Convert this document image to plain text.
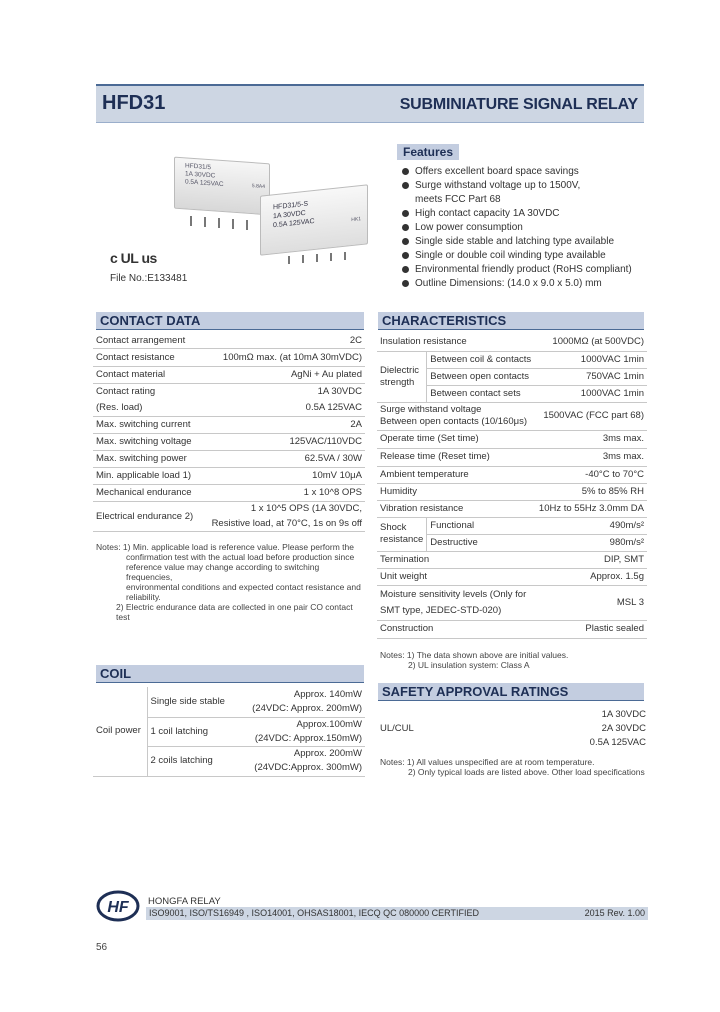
HFD31	SUBMINIATURE SIGNAL RELAY
HFD31/5
1A 30VDC
0.5A 125VAC	5.8A4
HFD31/5-S
1A 30VDC
0.5A 125VAC	HK1
c UL us
File No.:E133481
Features
Offers excellent board space savings
Surge withstand voltage up to 1500V,
meets FCC Part 68
High contact capacity 1A 30VDC
Low power consumption
Single side stable and latching type available
Single or double coil winding type available
Environmental friendly product (RoHS compliant)
Outline Dimensions: (14.0 x 9.0 x 5.0) mm
CONTACT DATA
Contact arrangement	2C
Contact resistance	100mΩ max. (at 10mA 30mVDC)
Contact material	AgNi + Au plated
Contact rating	1A 30VDC
(Res. load)	0.5A 125VAC
Max. switching current	2A
Max. switching voltage	125VAC/110VDC
Max. switching power	62.5VA / 30W
Min. applicable load 1)	10mV 10μA
Mechanical endurance	1 x 10^8 OPS
Electrical endurance 2)	1 x 10^5 OPS (1A 30VDC,
	Resistive load, at 70°C, 1s on 9s off
Notes: 1) Min. applicable load is reference value. Please perform the
confirmation test with the actual load before production since
reference value may change according to switching frequencies,
environmental conditions and expected contact resistance and
reliability.
2) Electric endurance data are collected in one pair CO contact test
CHARACTERISTICS
Insulation resistance		1000MΩ (at 500VDC)
Dielectric strength	Between coil & contacts	1000VAC 1min
	Between open contacts	750VAC 1min
	Between contact sets	1000VAC 1min

Surge withstand voltage
Between open contacts (10/160μs)		1500VAC (FCC part 68)
Operate time (Set time)		3ms max.
Release time (Reset time)		3ms max.
Ambient temperature		-40°C to 70°C
Humidity		5% to 85% RH
Vibration resistance		10Hz to 55Hz 3.0mm DA
Shock resistance	Functional	490m/s²
	Destructive	980m/s²
Termination		DIP, SMT
Unit weight		Approx. 1.5g

Moisture sensitivity levels (Only for
SMT type, JEDEC-STD-020)		MSL 3
Construction		Plastic sealed
Notes: 1) The data shown above are initial values.
2) UL insulation system: Class A
COIL
Coil power	Single side stable	Approx. 140mW
		(24VDC: Approx. 200mW)
	1 coil latching	Approx.100mW
		(24VDC: Approx.150mW)
	2 coils latching	Approx. 200mW
		(24VDC:Approx. 300mW)
SAFETY APPROVAL RATINGS
UL/CUL
1A 30VDC
2A 30VDC
0.5A 125VAC
Notes: 1) All values unspecified are at room temperature.
2) Only typical loads are listed above. Other load specifications
HF HONGFA RELAY
ISO9001, ISO/TS16949 , ISO14001, OHSAS18001, IECQ QC 080000 CERTIFIED	2015 Rev. 1.00
56
